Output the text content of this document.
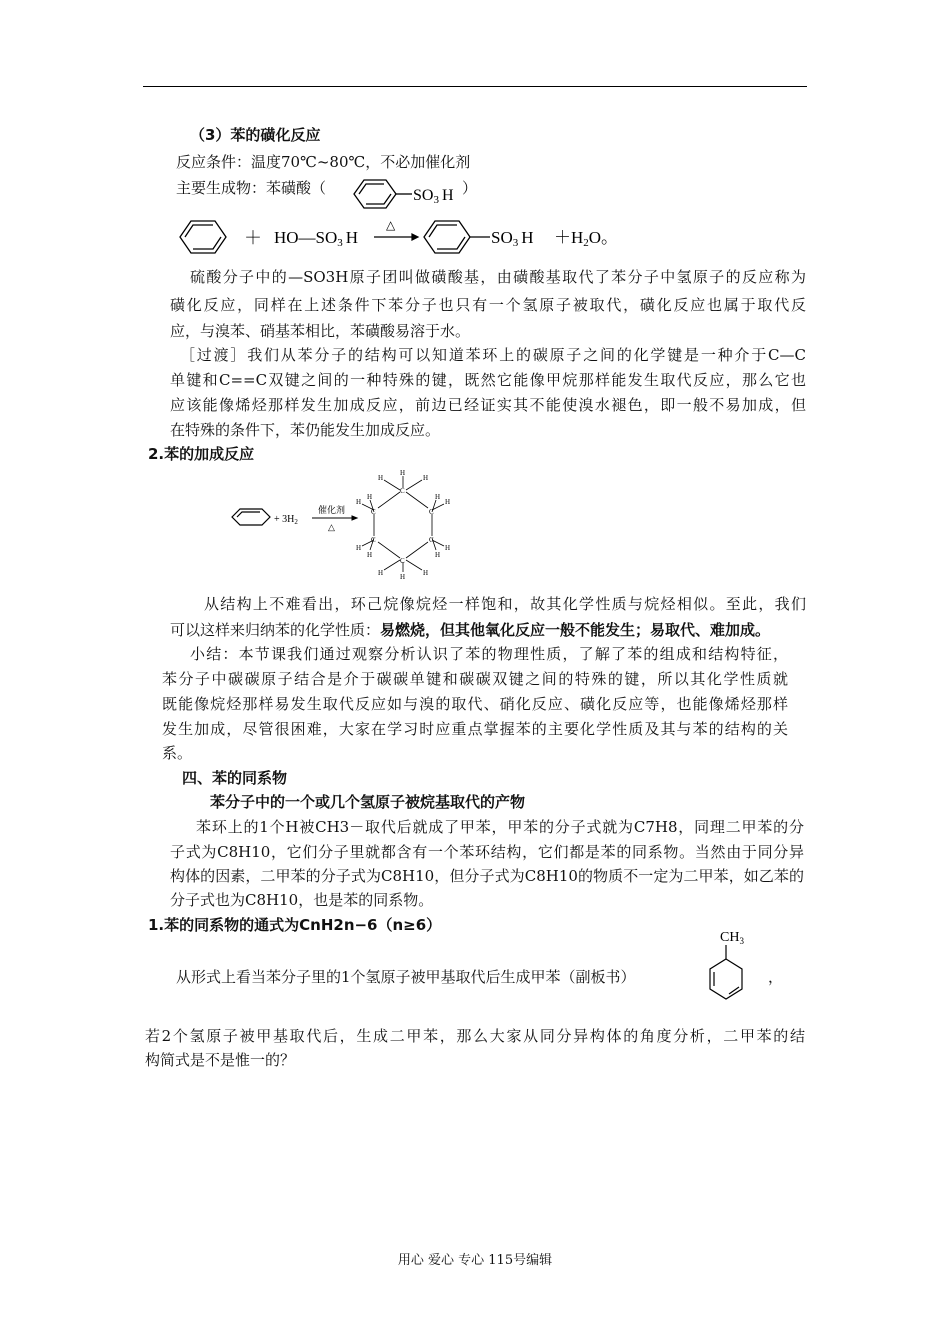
（3）苯的磺化反应
反应条件：温度70℃~80℃，不必加催化剂
主要生成物：苯磺酸（	SO3 H ）
＋ HO—SO3 H
△
SO3 H ＋H2O。
硫酸分子中的—SO3H原子团叫做磺酸基，由磺酸基取代了苯分子中氢原子的反应称为
磺化反应，同样在上述条件下苯分子也只有一个氢原子被取代，磺化反应也属于取代反
应，与溴苯、硝基苯相比，苯磺酸易溶于水。
［过渡］我们从苯分子的结构可以知道苯环上的碳原子之间的化学键是一种介于C—C
单键和C==C双键之间的一种特殊的键，既然它能像甲烷那样能发生取代反应，那么它也
应该能像烯烃那样发生加成反应，前边已经证实其不能使溴水褪色，即一般不易加成，但
在特殊的条件下，苯仍能发生加成反应。
2.苯的加成反应
+ $3H_2$
催化剂
△
C
C
C
C
C
C
H
H	H
H
H
H	H
H
H	H
H	H
H	H
从结构上不难看出，环己烷像烷烃一样饱和，故其化学性质与烷烃相似。至此，我们
可以这样来归纳苯的化学性质：易燃烧，但其他氧化反应一般不能发生；易取代、难加成。
小结：本节课我们通过观察分析认识了苯的物理性质，了解了苯的组成和结构特征，
苯分子中碳碳原子结合是介于碳碳单键和碳碳双键之间的特殊的键，所以其化学性质就
既能像烷烃那样易发生取代反应如与溴的取代、硝化反应、磺化反应等，也能像烯烃那样
发生加成，尽管很困难，大家在学习时应重点掌握苯的主要化学性质及其与苯的结构的关
系。
四、苯的同系物
苯分子中的一个或几个氢原子被烷基取代的产物
苯环上的1个H被CH3－取代后就成了甲苯，甲苯的分子式就为C7H8，同理二甲苯的分
子式为C8H10，它们分子里就都含有一个苯环结构，它们都是苯的同系物。当然由于同分异
构体的因素，二甲苯的分子式为C8H10，但分子式为C8H10的物质不一定为二甲苯，如乙苯的
分子式也为C8H10，也是苯的同系物。
1.苯的同系物的通式为CnH2n−6（n≥6）
从形式上看当苯分子里的1个氢原子被甲基取代后生成甲苯（副板书）
$CH_3$
，
若2个氢原子被甲基取代后，生成二甲苯，那么大家从同分异构体的角度分析，二甲苯的结
构简式是不是惟一的？
用心 爱心 专心 115号编辑
